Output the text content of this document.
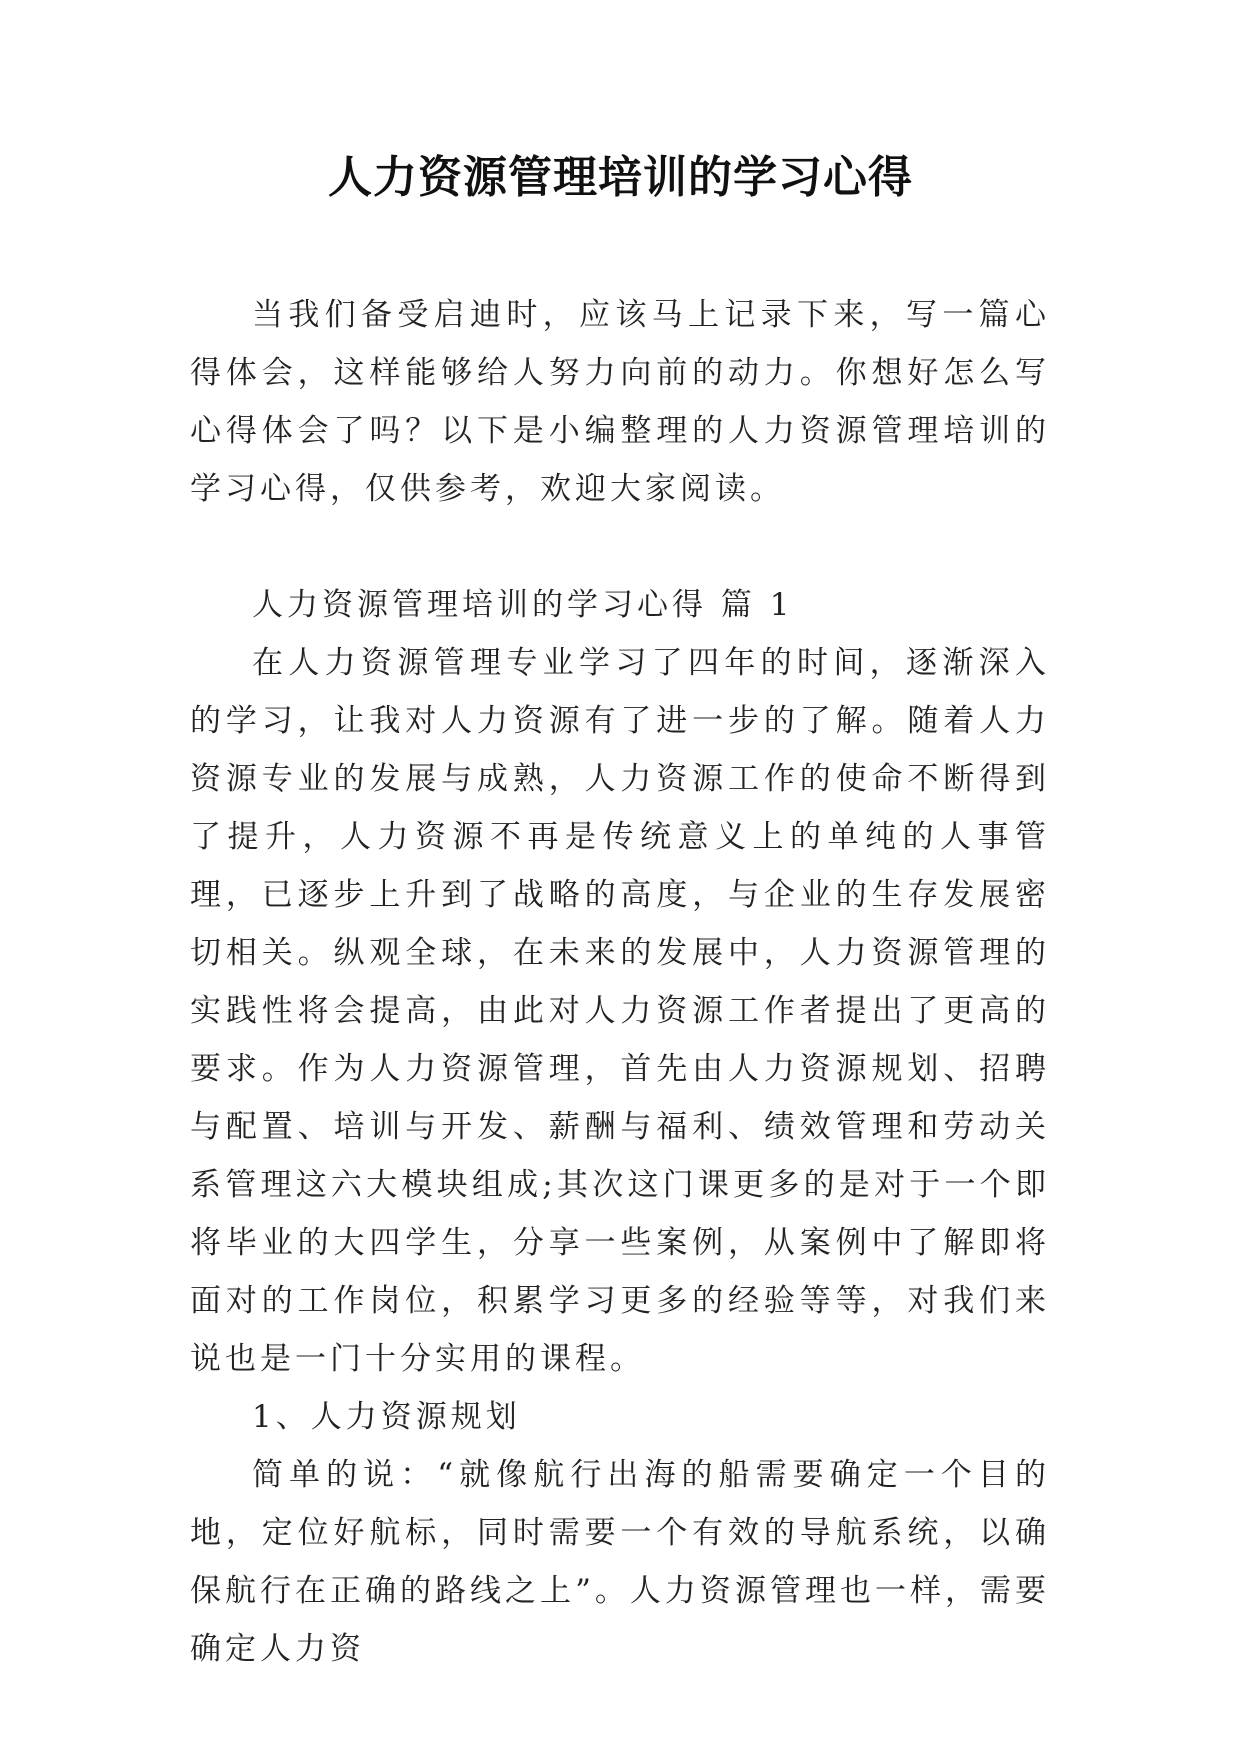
人力资源管理培训的学习心得

当我们备受启迪时，应该马上记录下来，写一篇心得体会，这样能够给人努力向前的动力。你想好怎么写心得体会了吗？以下是小编整理的人力资源管理培训的学习心得，仅供参考，欢迎大家阅读。

人力资源管理培训的学习心得 篇 1

在人力资源管理专业学习了四年的时间，逐渐深入的学习，让我对人力资源有了进一步的了解。随着人力资源专业的发展与成熟，人力资源工作的使命不断得到了提升，人力资源不再是传统意义上的单纯的人事管理，已逐步上升到了战略的高度，与企业的生存发展密切相关。纵观全球，在未来的发展中，人力资源管理的实践性将会提高，由此对人力资源工作者提出了更高的要求。作为人力资源管理，首先由人力资源规划、招聘与配置、培训与开发、薪酬与福利、绩效管理和劳动关系管理这六大模块组成;其次这门课更多的是对于一个即将毕业的大四学生，分享一些案例，从案例中了解即将面对的工作岗位，积累学习更多的经验等等，对我们来说也是一门十分实用的课程。

1、人力资源规划

简单的说：“就像航行出海的船需要确定一个目的地，定位好航标，同时需要一个有效的导航系统，以确保航行在正确的路线之上”。人力资源管理也一样，需要确定人力资
